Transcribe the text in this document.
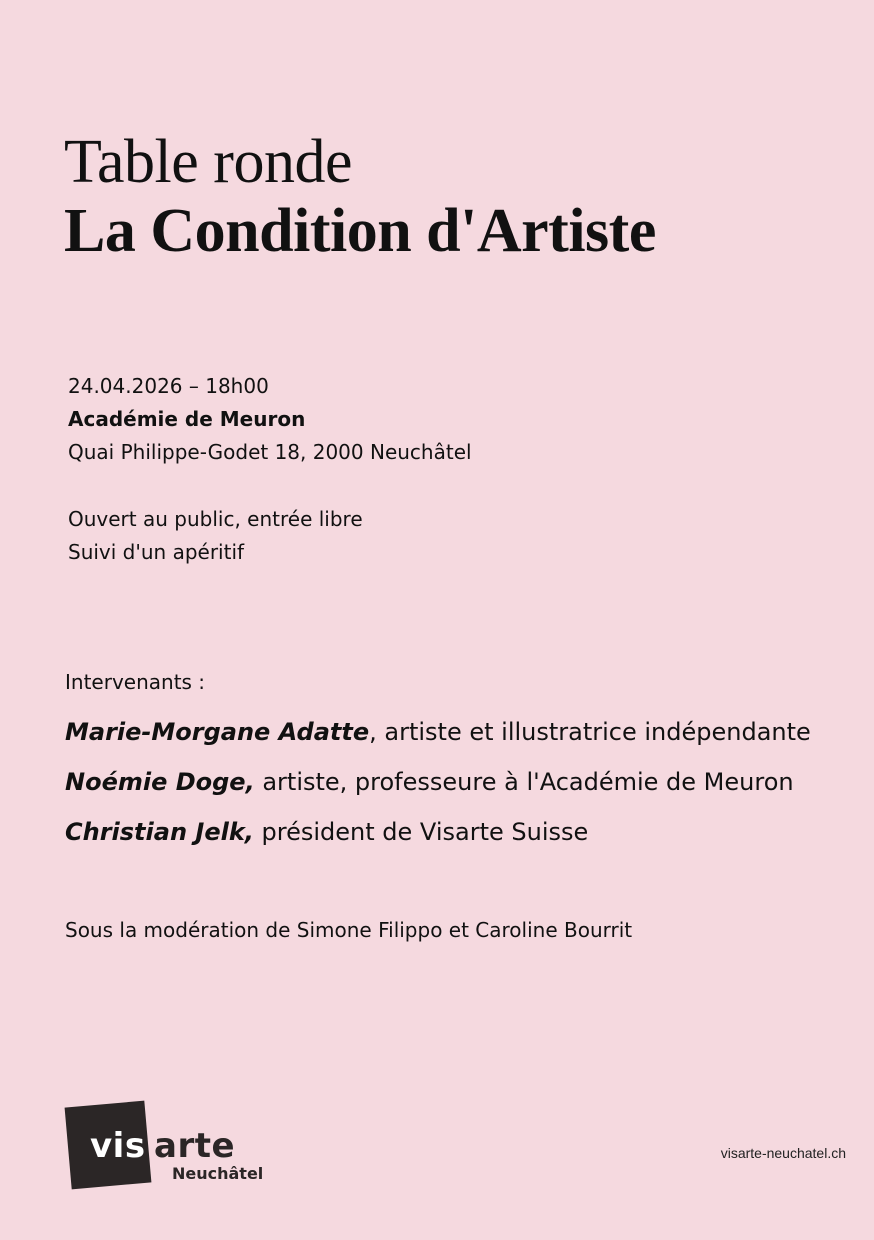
Table ronde
La Condition d'Artiste
24.04.2026 – 18h00
Académie de Meuron
Quai Philippe-Godet 18, 2000 Neuchâtel
Ouvert au public, entrée libre
Suivi d'un apéritif
Intervenants :
Marie-Morgane Adatte, artiste et illustratrice indépendante
Noémie Doge, artiste, professeure à l'Académie de Meuron
Christian Jelk, président de Visarte Suisse
Sous la modération de Simone Filippo et Caroline Bourrit
vis arte
Neuchâtel
visarte-neuchatel.ch
